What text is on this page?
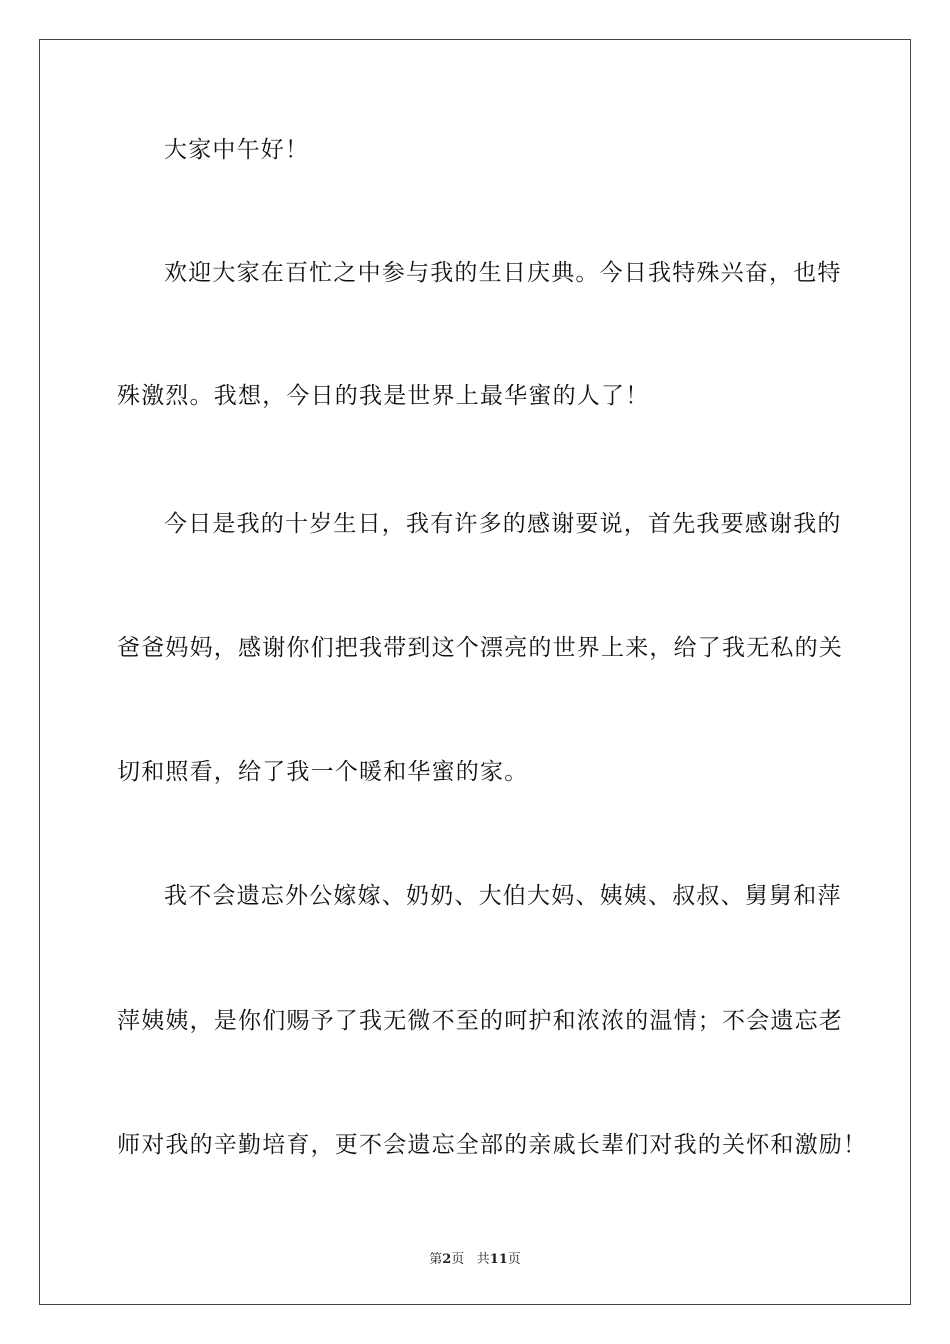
大家中午好！
欢迎大家在百忙之中参与我的生日庆典。今日我特殊兴奋，也特
殊激烈。我想，今日的我是世界上最华蜜的人了！
今日是我的十岁生日，我有许多的感谢要说，首先我要感谢我的
爸爸妈妈，感谢你们把我带到这个漂亮的世界上来，给了我无私的关
切和照看，给了我一个暖和华蜜的家。
我不会遗忘外公嫁嫁、奶奶、大伯大妈、姨姨、叔叔、舅舅和萍
萍姨姨，是你们赐予了我无微不至的呵护和浓浓的温情；不会遗忘老
师对我的辛勤培育，更不会遗忘全部的亲戚长辈们对我的关怀和激励！
第2页 共11页
